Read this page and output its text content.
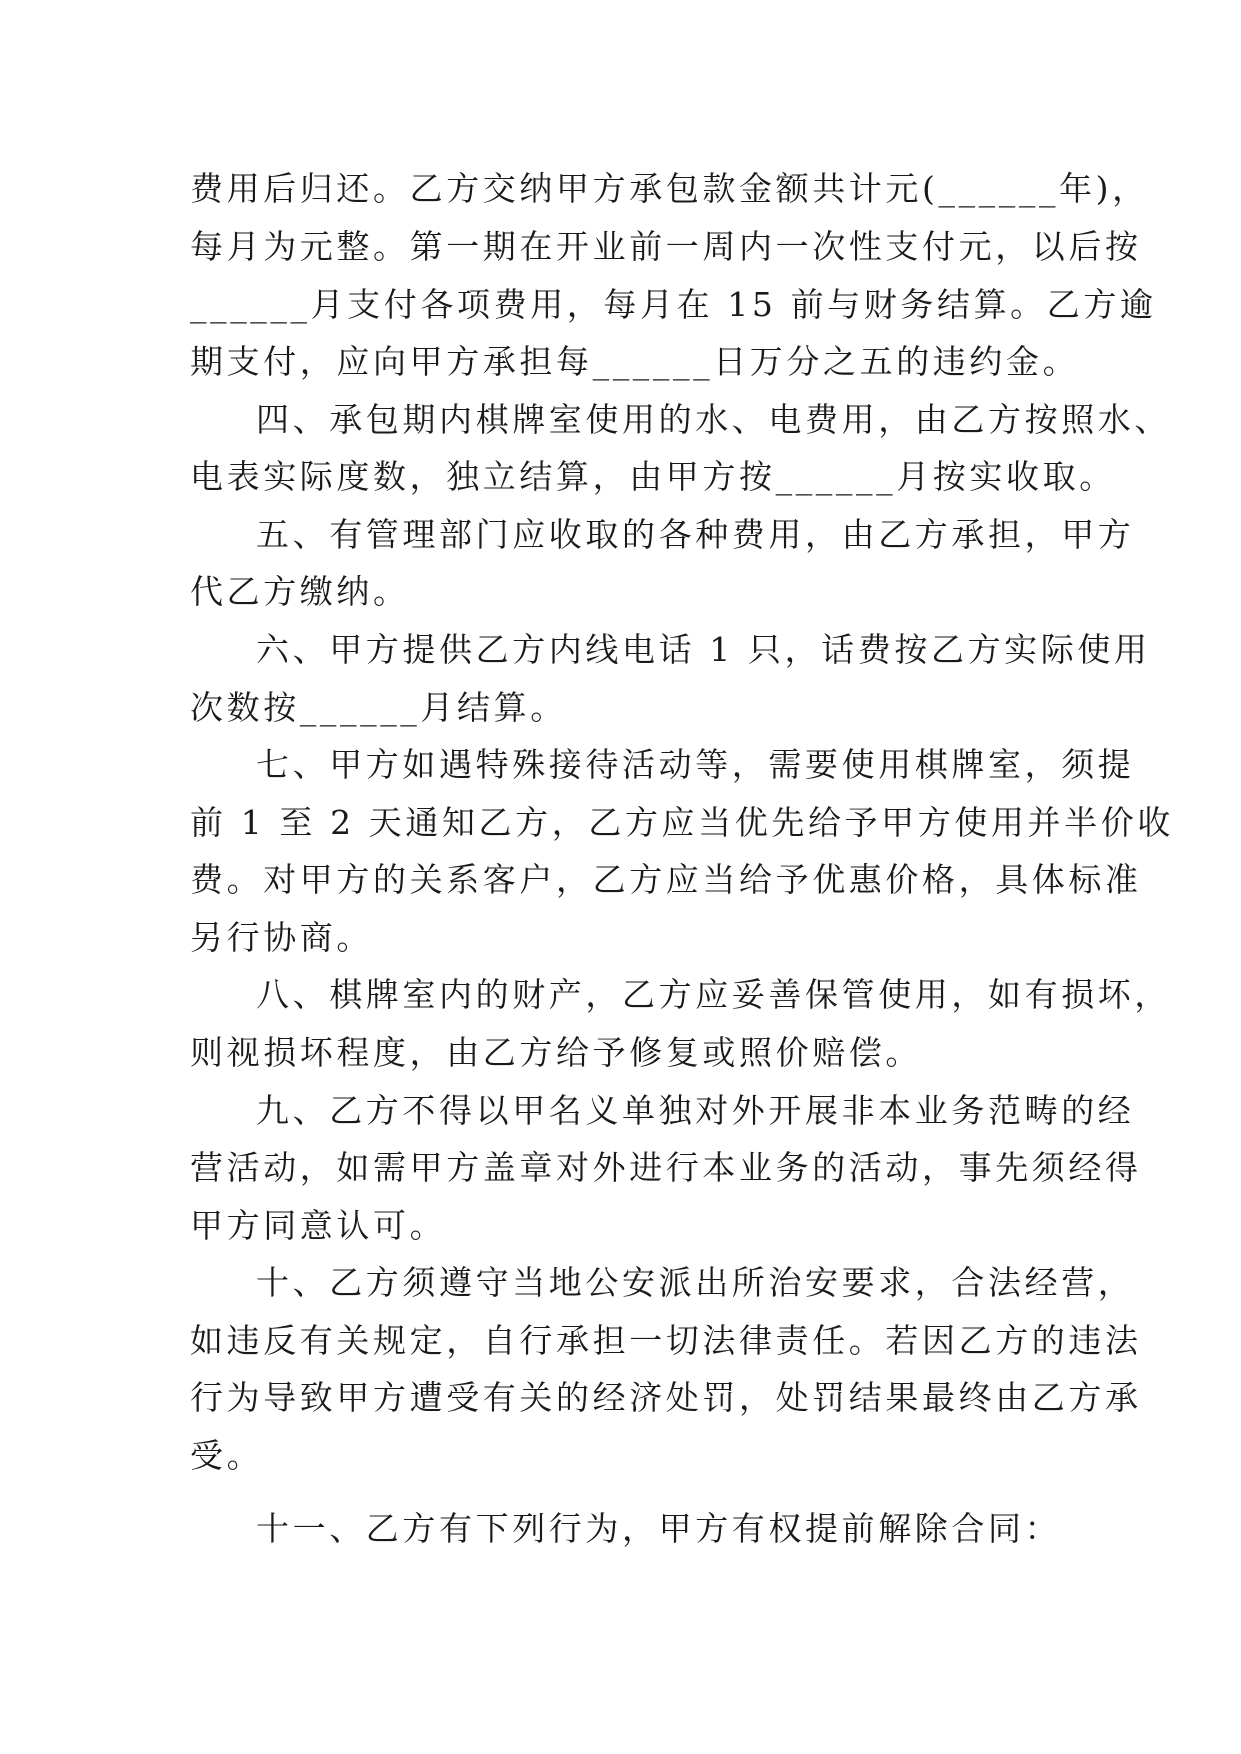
费用后归还。乙方交纳甲方承包款金额共计元(______年)，
每月为元整。第一期在开业前一周内一次性支付元，以后按
______月支付各项费用，每月在 15 前与财务结算。乙方逾
期支付，应向甲方承担每______日万分之五的违约金。
四、承包期内棋牌室使用的水、电费用，由乙方按照水、
电表实际度数，独立结算，由甲方按______月按实收取。
五、有管理部门应收取的各种费用，由乙方承担，甲方
代乙方缴纳。
六、甲方提供乙方内线电话 1 只，话费按乙方实际使用
次数按______月结算。
七、甲方如遇特殊接待活动等，需要使用棋牌室，须提
前 1 至 2 天通知乙方，乙方应当优先给予甲方使用并半价收
费。对甲方的关系客户，乙方应当给予优惠价格，具体标准
另行协商。
八、棋牌室内的财产，乙方应妥善保管使用，如有损坏，
则视损坏程度，由乙方给予修复或照价赔偿。
九、乙方不得以甲名义单独对外开展非本业务范畴的经
营活动，如需甲方盖章对外进行本业务的活动，事先须经得
甲方同意认可。
十、乙方须遵守当地公安派出所治安要求，合法经营，
如违反有关规定，自行承担一切法律责任。若因乙方的违法
行为导致甲方遭受有关的经济处罚，处罚结果最终由乙方承
受。
十一、乙方有下列行为，甲方有权提前解除合同：
